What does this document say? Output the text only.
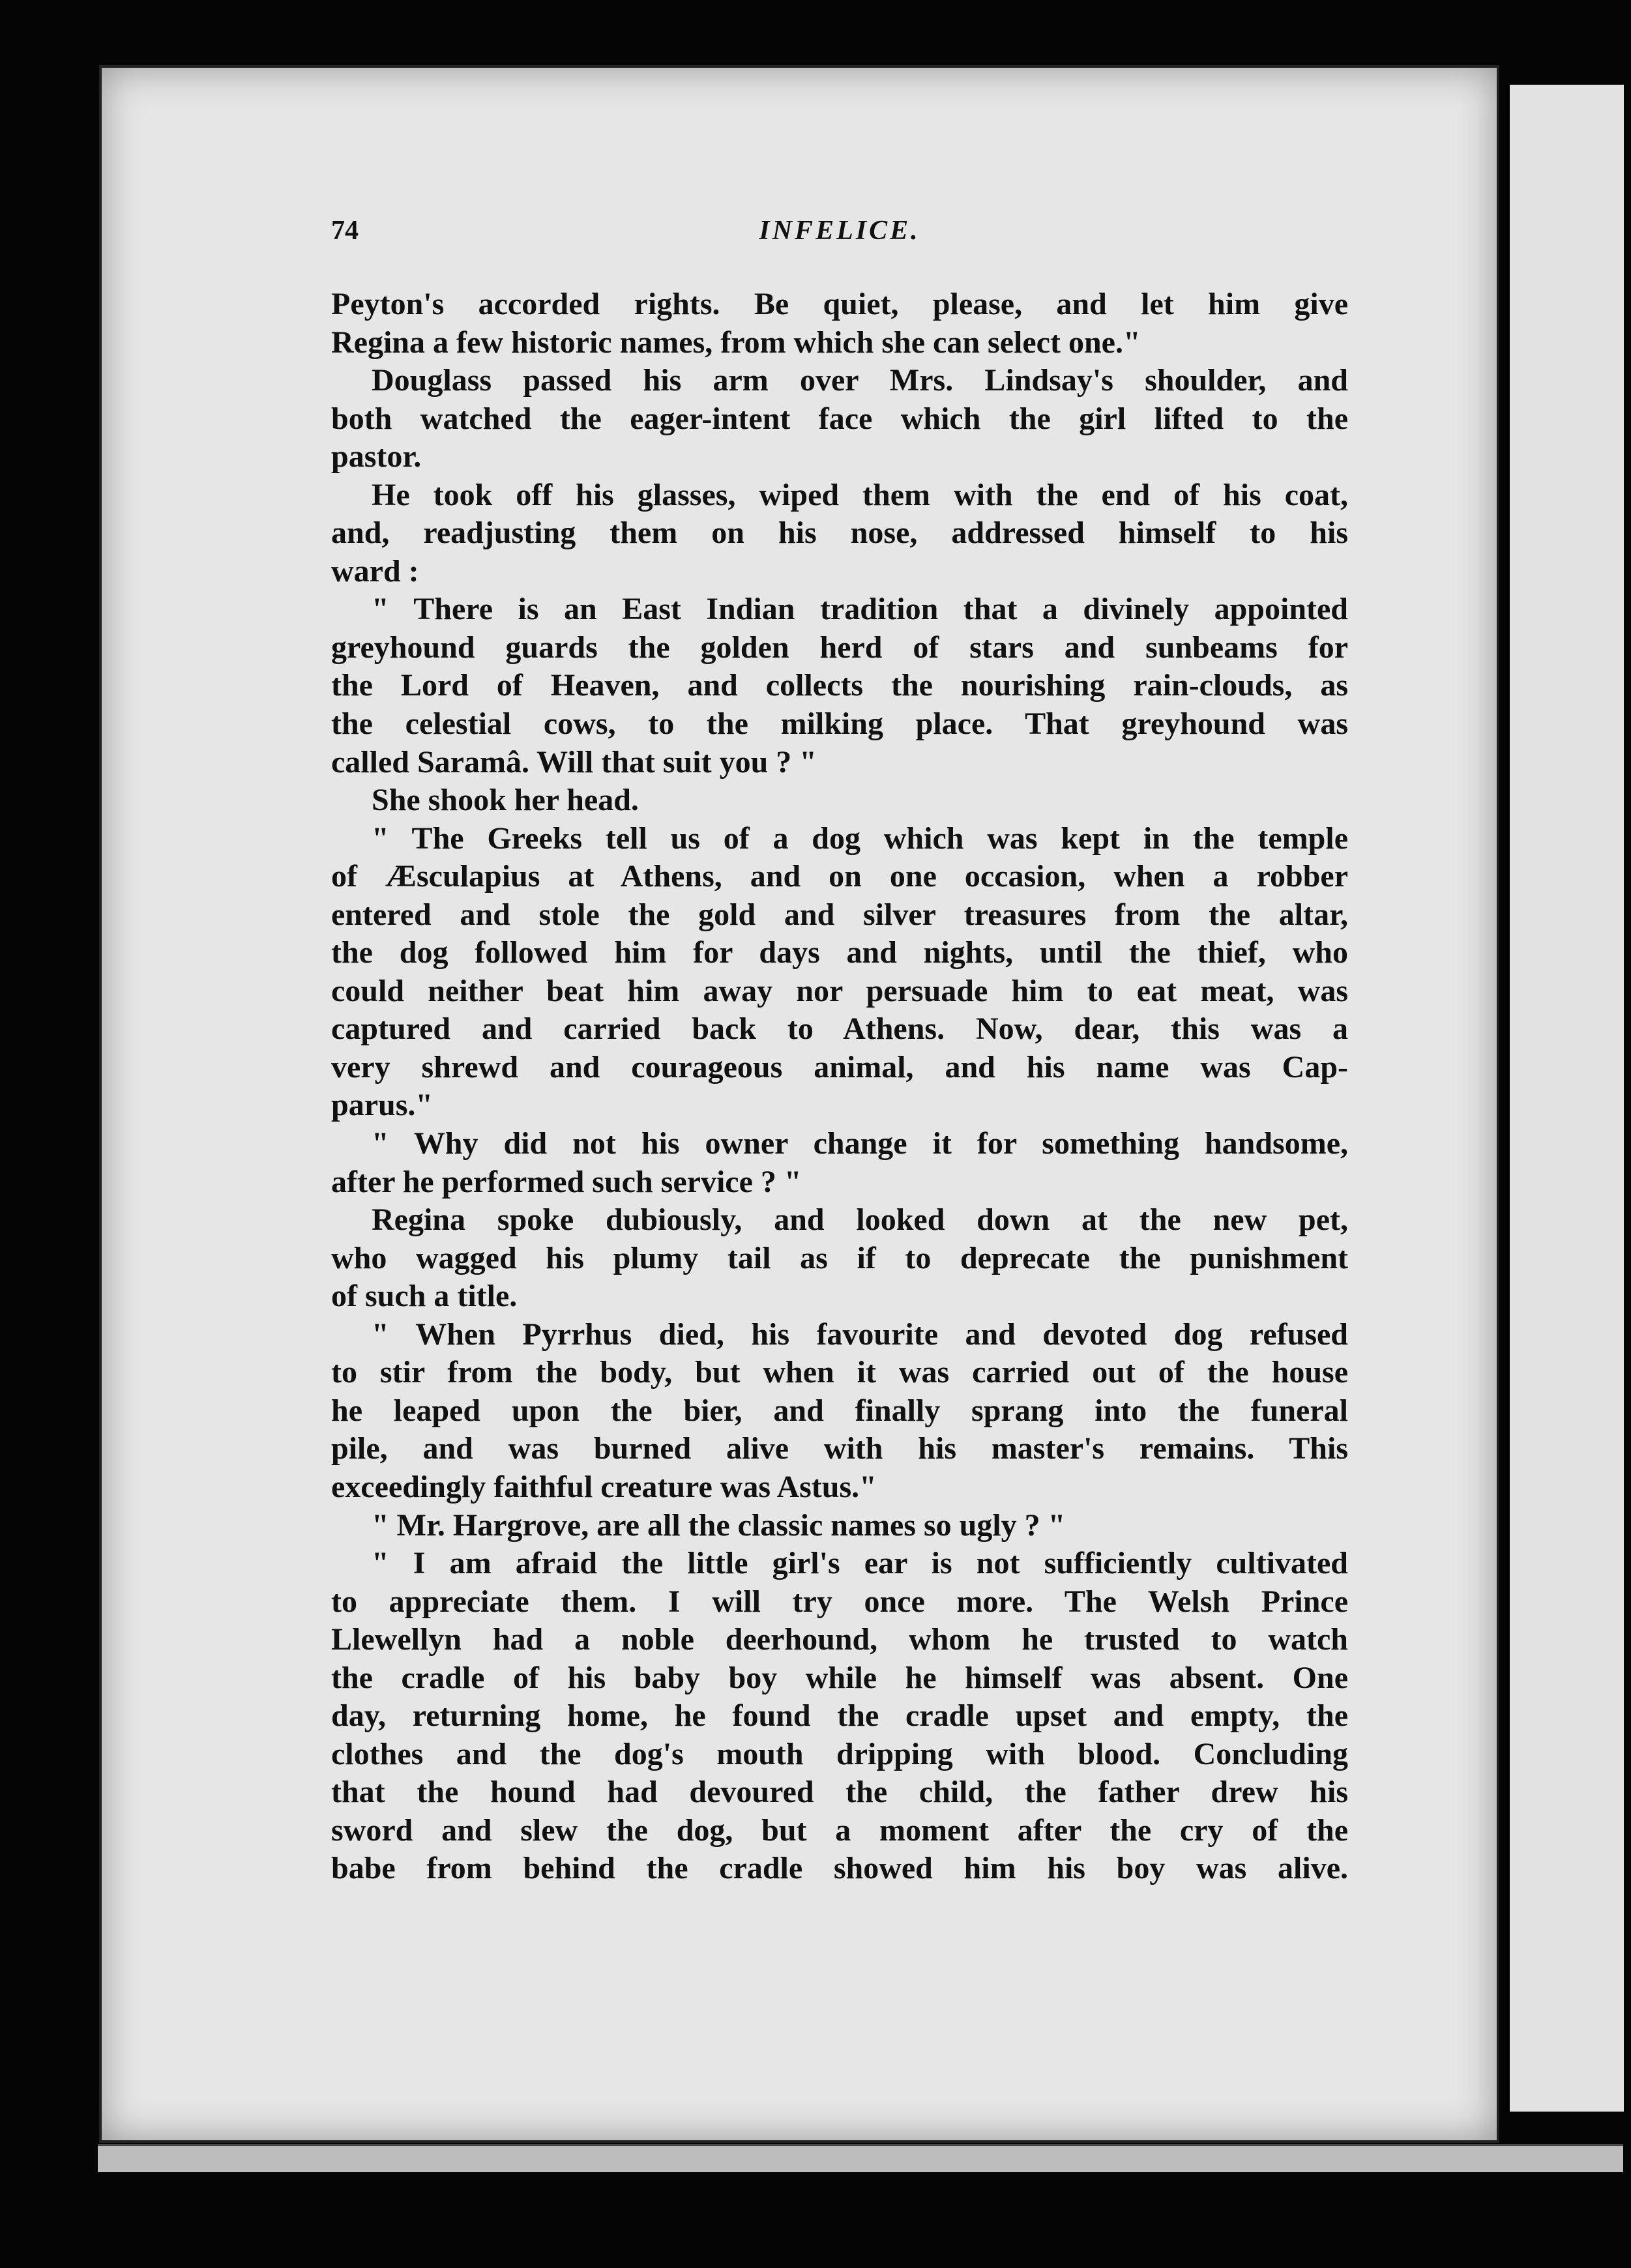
74	INFELICE.
Peyton's accorded rights. Be quiet, please, and let him give
Regina a few historic names, from which she can select one."
Douglass passed his arm over Mrs. Lindsay's shoulder, and
both watched the eager-intent face which the girl lifted to the
pastor.
He took off his glasses, wiped them with the end of his coat,
and, readjusting them on his nose, addressed himself to his
ward :
" There is an East Indian tradition that a divinely appointed
greyhound guards the golden herd of stars and sunbeams for
the Lord of Heaven, and collects the nourishing rain-clouds, as
the celestial cows, to the milking place. That greyhound was
called Saramâ. Will that suit you ? "
She shook her head.
" The Greeks tell us of a dog which was kept in the temple
of Æsculapius at Athens, and on one occasion, when a robber
entered and stole the gold and silver treasures from the altar,
the dog followed him for days and nights, until the thief, who
could neither beat him away nor persuade him to eat meat, was
captured and carried back to Athens. Now, dear, this was a
very shrewd and courageous animal, and his name was Cap-
parus."
" Why did not his owner change it for something handsome,
after he performed such service ? "
Regina spoke dubiously, and looked down at the new pet,
who wagged his plumy tail as if to deprecate the punishment
of such a title.
" When Pyrrhus died, his favourite and devoted dog refused
to stir from the body, but when it was carried out of the house
he leaped upon the bier, and finally sprang into the funeral
pile, and was burned alive with his master's remains. This
exceedingly faithful creature was Astus."
" Mr. Hargrove, are all the classic names so ugly ? "
" I am afraid the little girl's ear is not sufficiently cultivated
to appreciate them. I will try once more. The Welsh Prince
Llewellyn had a noble deerhound, whom he trusted to watch
the cradle of his baby boy while he himself was absent. One
day, returning home, he found the cradle upset and empty, the
clothes and the dog's mouth dripping with blood. Concluding
that the hound had devoured the child, the father drew his
sword and slew the dog, but a moment after the cry of the
babe from behind the cradle showed him his boy was alive.
